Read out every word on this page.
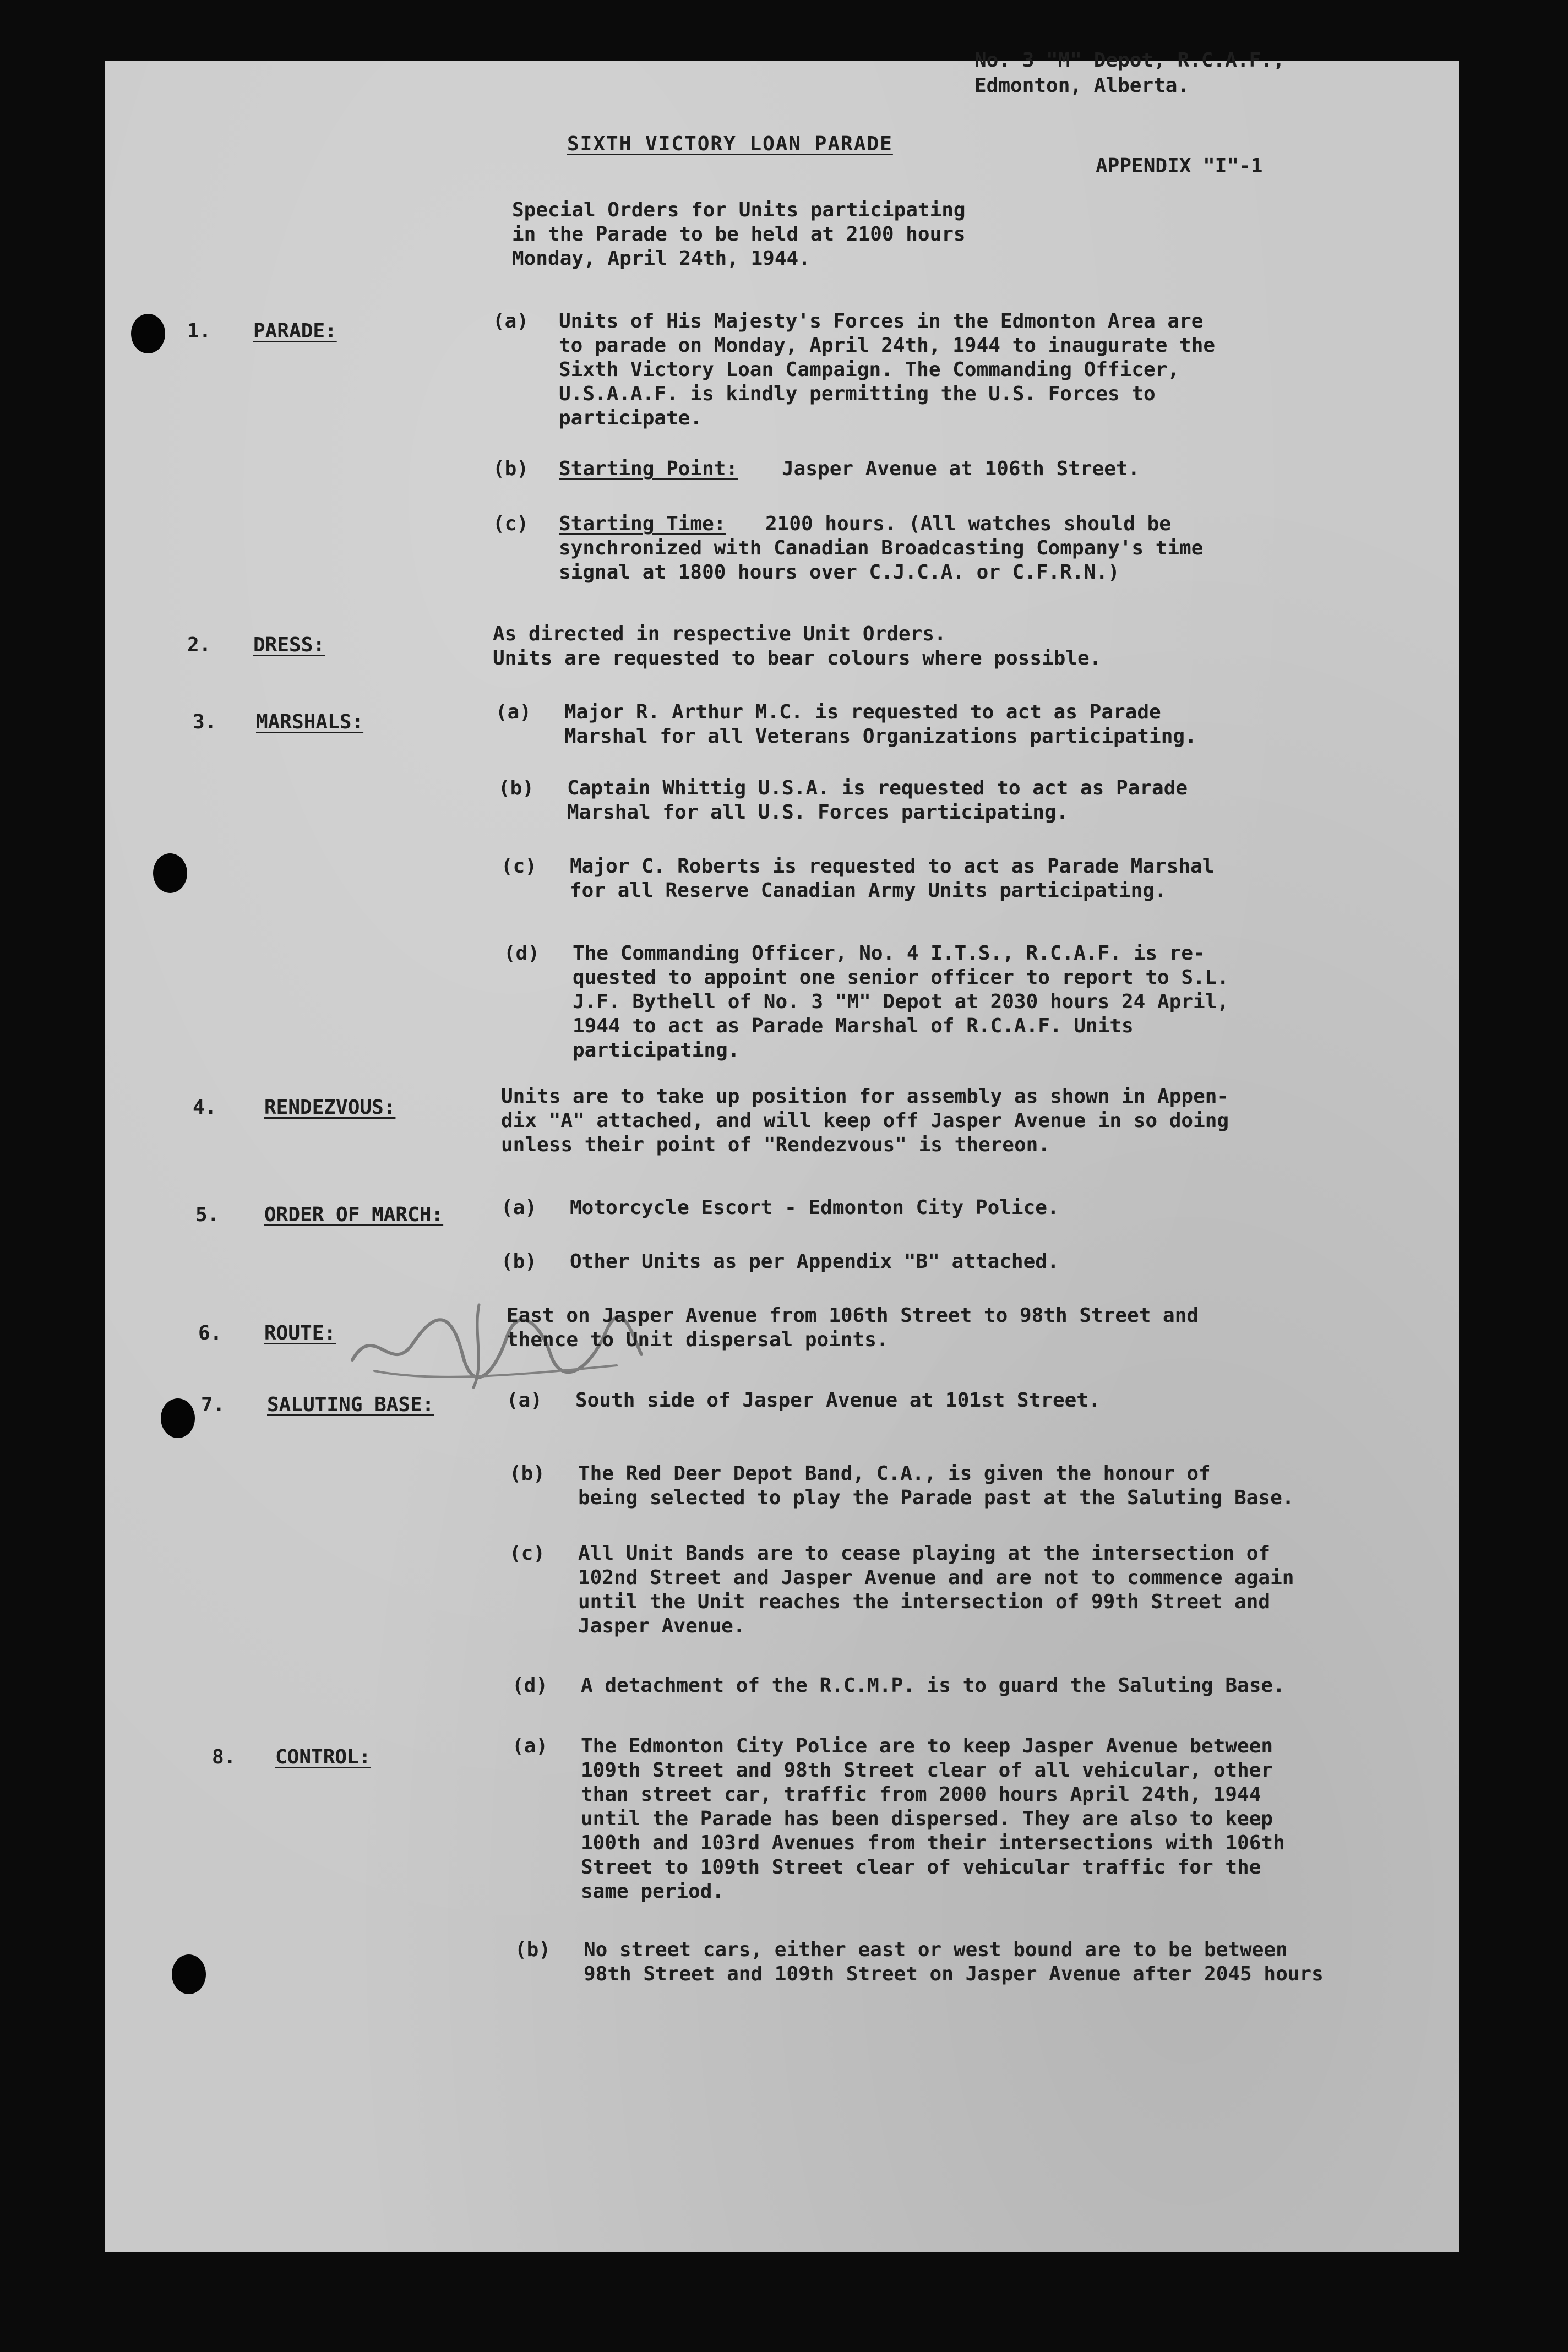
No. 3 "M" Depot, R.C.A.F.,
Edmonton, Alberta.
SIXTH VICTORY LOAN PARADE
APPENDIX "I"-1
Special Orders for Units participating
in the Parade to be held at 2100 hours
Monday, April 24th, 1944.
1. PARADE:	(a) Units of His Majesty's Forces in the Edmonton Area are
to parade on Monday, April 24th, 1944 to inaugurate the
Sixth Victory Loan Campaign. The Commanding Officer,
U.S.A.A.F. is kindly permitting the U.S. Forces to
participate.
(b) Starting Point: Jasper Avenue at 106th Street.
(c) Starting Time: 2100 hours. (All watches should be
synchronized with Canadian Broadcasting Company's time
signal at 1800 hours over C.J.C.A. or C.F.R.N.)
2. DRESS:	As directed in respective Unit Orders.
Units are requested to bear colours where possible.
3. MARSHALS:	(a) Major R. Arthur M.C. is requested to act as Parade
Marshal for all Veterans Organizations participating.
(b) Captain Whittig U.S.A. is requested to act as Parade
Marshal for all U.S. Forces participating.
(c) Major C. Roberts is requested to act as Parade Marshal
for all Reserve Canadian Army Units participating.
(d) The Commanding Officer, No. 4 I.T.S., R.C.A.F. is re-
quested to appoint one senior officer to report to S.L.
J.F. Bythell of No. 3 "M" Depot at 2030 hours 24 April,
1944 to act as Parade Marshal of R.C.A.F. Units
participating.
4. RENDEZVOUS:	Units are to take up position for assembly as shown in Appen-
dix "A" attached, and will keep off Jasper Avenue in so doing
unless their point of "Rendezvous" is thereon.
5. ORDER OF MARCH:	(a) Motorcycle Escort - Edmonton City Police.
(b) Other Units as per Appendix "B" attached.
6. ROUTE:
East on Jasper Avenue from 106th Street to 98th Street and
thence to Unit dispersal points.
7. SALUTING BASE:	(a) South side of Jasper Avenue at 101st Street.
(b) The Red Deer Depot Band, C.A., is given the honour of
being selected to play the Parade past at the Saluting Base.
(c) All Unit Bands are to cease playing at the intersection of
102nd Street and Jasper Avenue and are not to commence again
until the Unit reaches the intersection of 99th Street and
Jasper Avenue.
(d) A detachment of the R.C.M.P. is to guard the Saluting Base.
8. CONTROL:	(a) The Edmonton City Police are to keep Jasper Avenue between
109th Street and 98th Street clear of all vehicular, other
than street car, traffic from 2000 hours April 24th, 1944
until the Parade has been dispersed. They are also to keep
100th and 103rd Avenues from their intersections with 106th
Street to 109th Street clear of vehicular traffic for the
same period.
(b) No street cars, either east or west bound are to be between
98th Street and 109th Street on Jasper Avenue after 2045 hours
